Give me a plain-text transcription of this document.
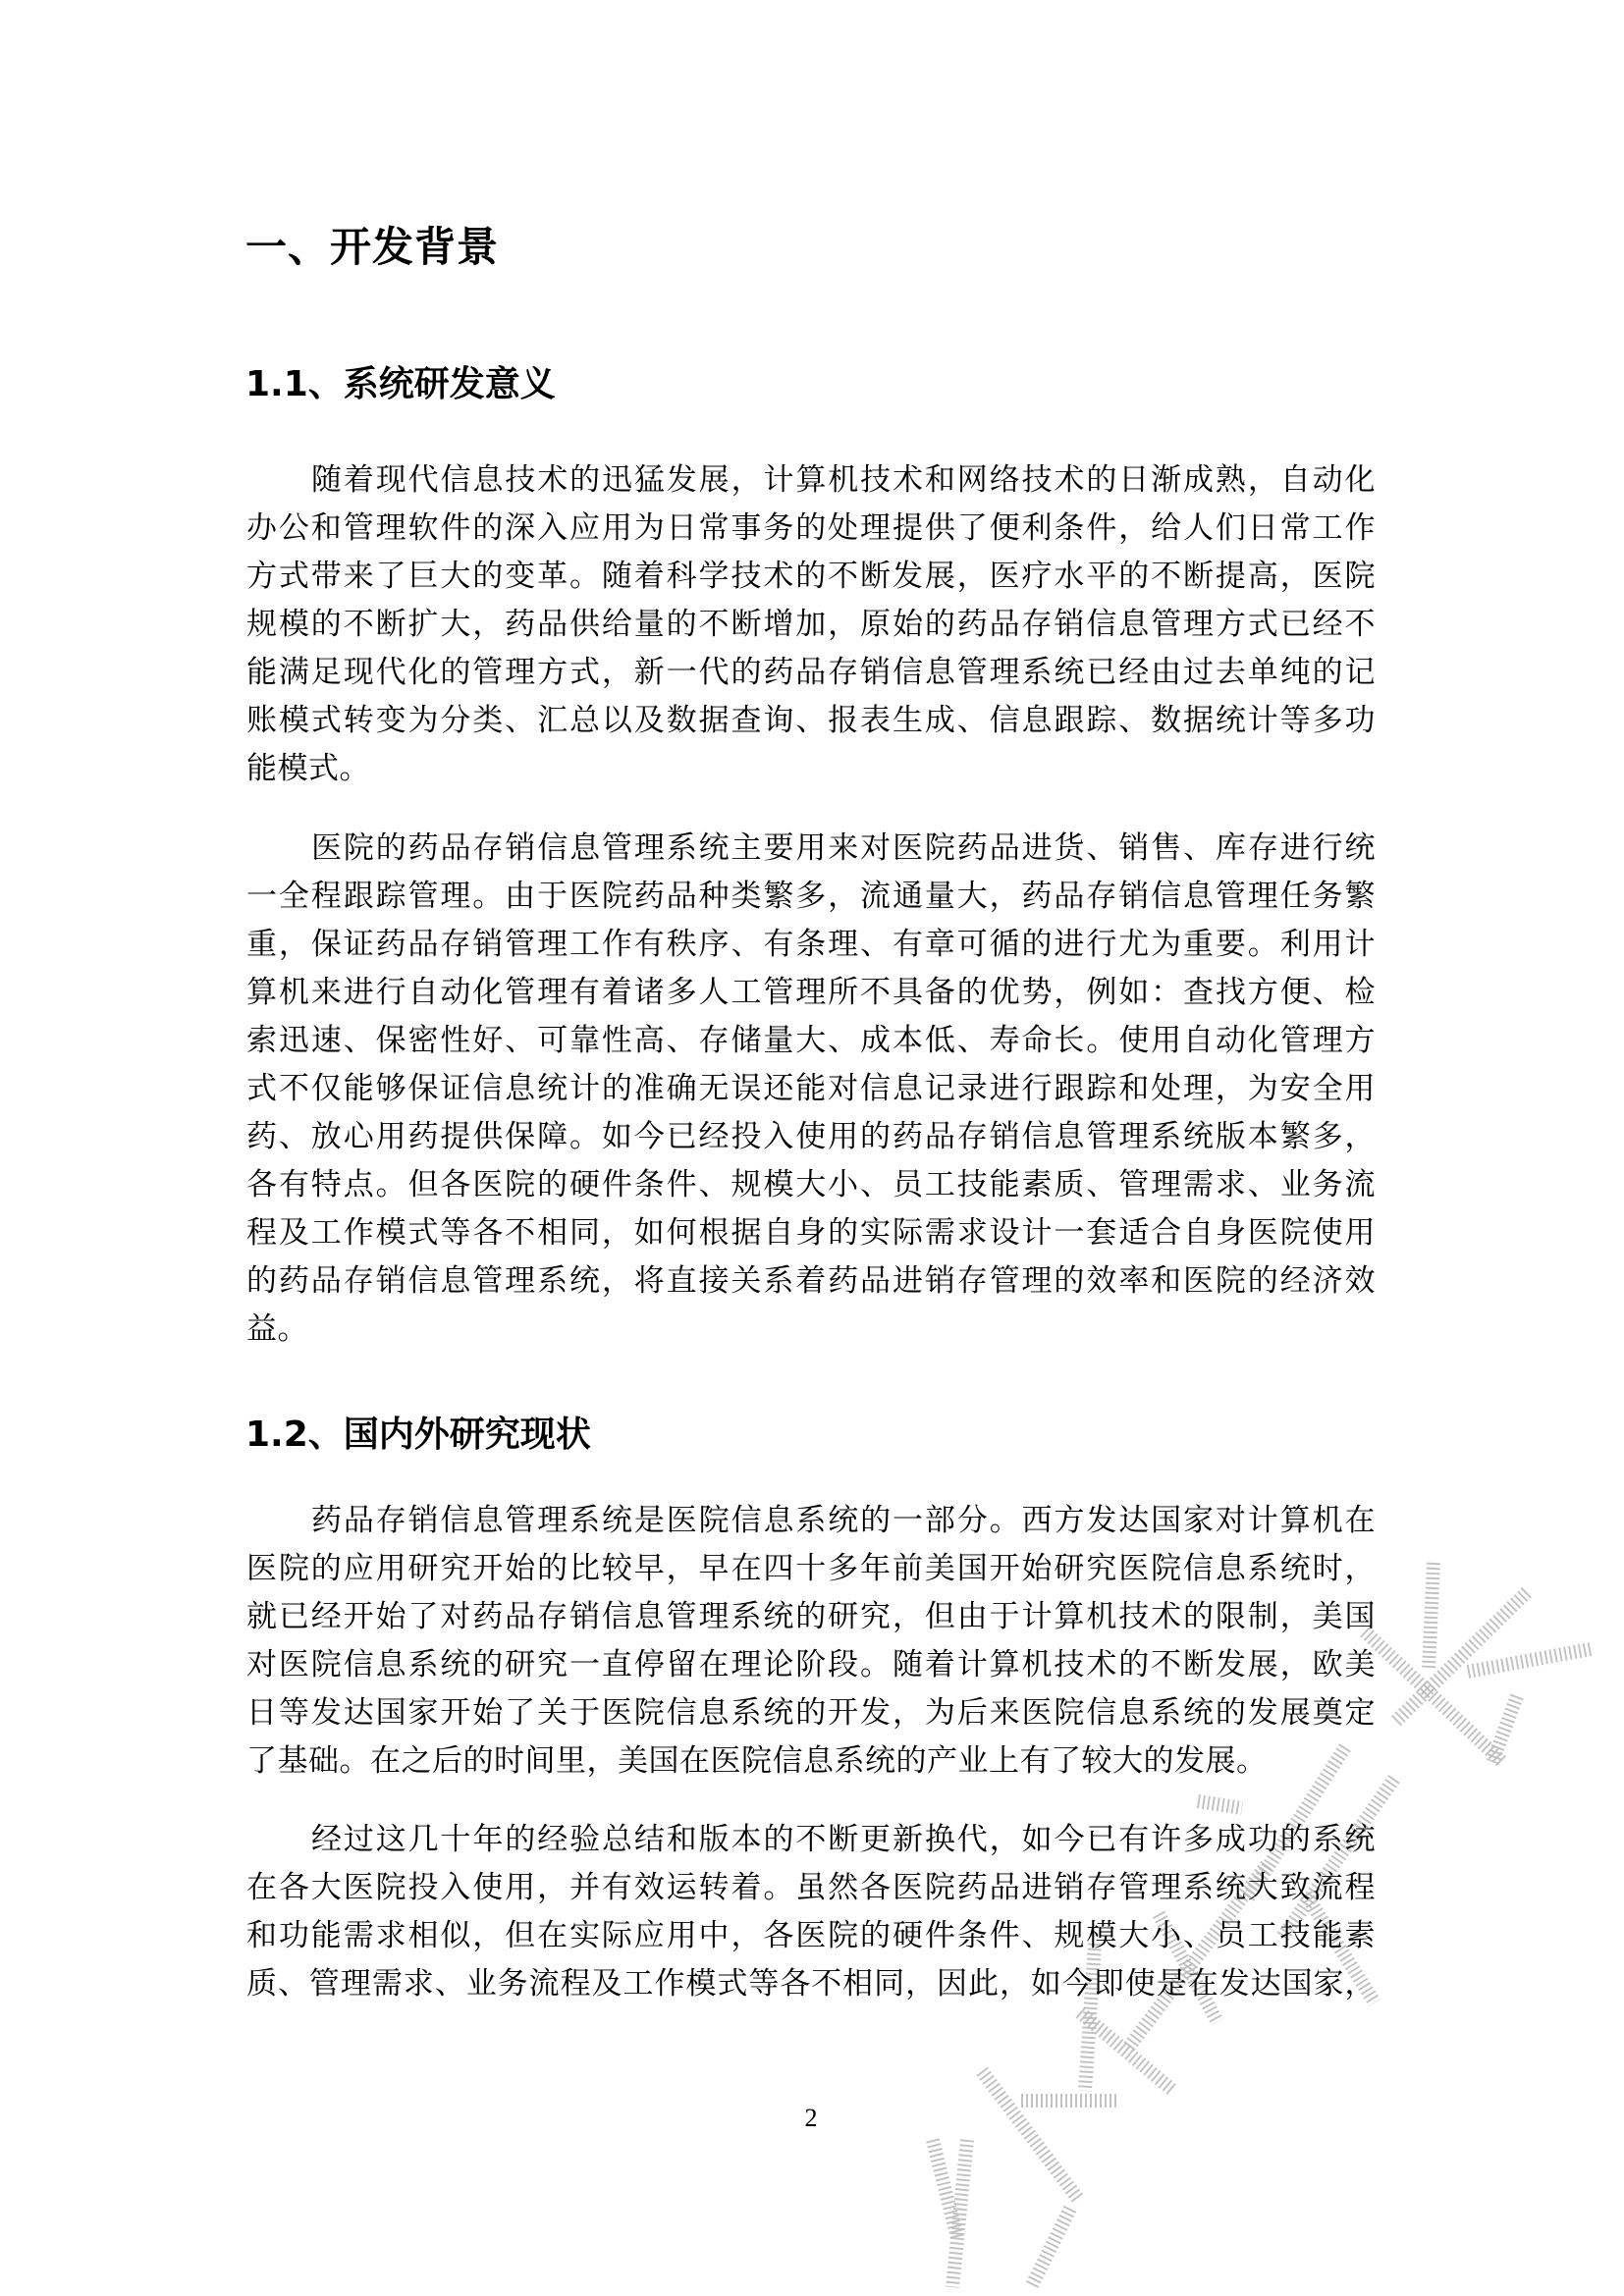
一、开发背景
1.1、系统研发意义
随着现代信息技术的迅猛发展，计算机技术和网络技术的日渐成熟，自动化
办公和管理软件的深入应用为日常事务的处理提供了便利条件，给人们日常工作
方式带来了巨大的变革。随着科学技术的不断发展，医疗水平的不断提高，医院
规模的不断扩大，药品供给量的不断增加，原始的药品存销信息管理方式已经不
能满足现代化的管理方式，新一代的药品存销信息管理系统已经由过去单纯的记
账模式转变为分类、汇总以及数据查询、报表生成、信息跟踪、数据统计等多功
能模式。
医院的药品存销信息管理系统主要用来对医院药品进货、销售、库存进行统
一全程跟踪管理。由于医院药品种类繁多，流通量大，药品存销信息管理任务繁
重，保证药品存销管理工作有秩序、有条理、有章可循的进行尤为重要。利用计
算机来进行自动化管理有着诸多人工管理所不具备的优势，例如：查找方便、检
索迅速、保密性好、可靠性高、存储量大、成本低、寿命长。使用自动化管理方
式不仅能够保证信息统计的准确无误还能对信息记录进行跟踪和处理，为安全用
药、放心用药提供保障。如今已经投入使用的药品存销信息管理系统版本繁多，
各有特点。但各医院的硬件条件、规模大小、员工技能素质、管理需求、业务流
程及工作模式等各不相同，如何根据自身的实际需求设计一套适合自身医院使用
的药品存销信息管理系统，将直接关系着药品进销存管理的效率和医院的经济效
益。
1.2、国内外研究现状
药品存销信息管理系统是医院信息系统的一部分。西方发达国家对计算机在
医院的应用研究开始的比较早，早在四十多年前美国开始研究医院信息系统时，
就已经开始了对药品存销信息管理系统的研究，但由于计算机技术的限制，美国
对医院信息系统的研究一直停留在理论阶段。随着计算机技术的不断发展，欧美
日等发达国家开始了关于医院信息系统的开发，为后来医院信息系统的发展奠定
了基础。在之后的时间里，美国在医院信息系统的产业上有了较大的发展。
经过这几十年的经验总结和版本的不断更新换代，如今已有许多成功的系统
在各大医院投入使用，并有效运转着。虽然各医院药品进销存管理系统大致流程
和功能需求相似，但在实际应用中，各医院的硬件条件、规模大小、员工技能素
质、管理需求、业务流程及工作模式等各不相同，因此，如今即使是在发达国家，
2
